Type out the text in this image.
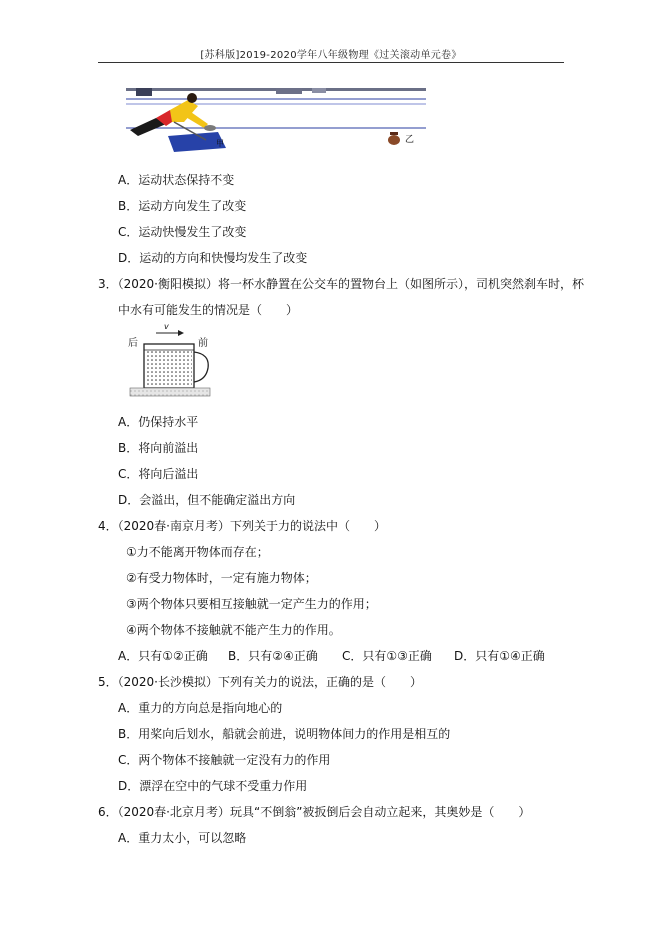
[苏科版]2019-2020学年八年级物理《过关滚动单元卷》
甲	乙
A．运动状态保持不变
B．运动方向发生了改变
C．运动快慢发生了改变
D．运动的方向和快慢均发生了改变
3．（2020·衡阳模拟）将一杯水静置在公交车的置物台上（如图所示），司机突然刹车时，杯
中水有可能发生的情况是（　　）
后
v
前
A．仍保持水平
B．将向前溢出
C．将向后溢出
D．会溢出，但不能确定溢出方向
4．（2020春·南京月考）下列关于力的说法中（　　）
①力不能离开物体而存在；
②有受力物体时，一定有施力物体；
③两个物体只要相互接触就一定产生力的作用；
④两个物体不接触就不能产生力的作用。
A．只有①②正确 B．只有②④正确 C．只有①③正确 D．只有①④正确
5．（2020·长沙模拟）下列有关力的说法，正确的是（　　）
A．重力的方向总是指向地心的
B．用桨向后划水，船就会前进，说明物体间力的作用是相互的
C．两个物体不接触就一定没有力的作用
D．漂浮在空中的气球不受重力作用
6．（2020春·北京月考）玩具“不倒翁”被扳倒后会自动立起来，其奥妙是（　　）
A．重力太小，可以忽略
